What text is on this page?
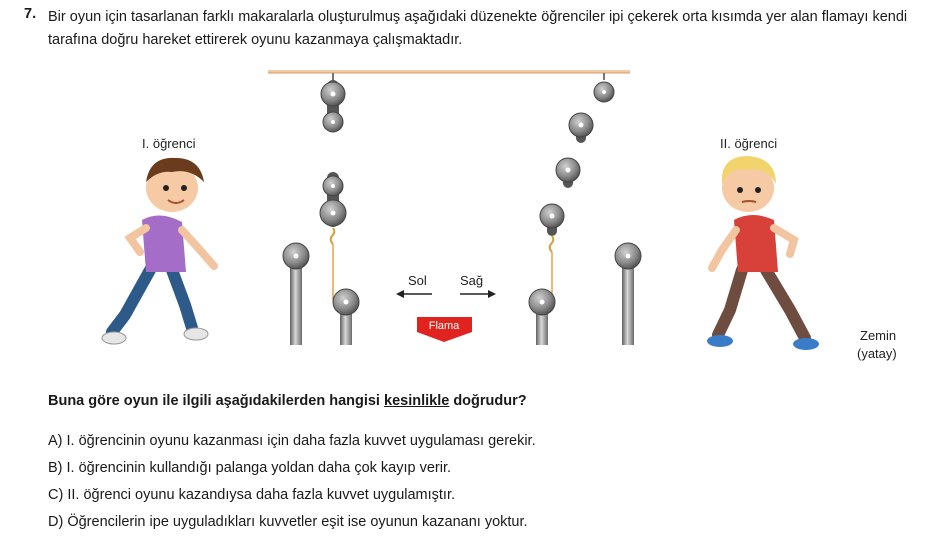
7. Bir oyun için tasarlanan farklı makaralarla oluşturulmuş aşağıdaki düzenekte öğrenciler ipi çekerek orta kısımda yer alan flamayı kendi tarafına doğru hareket ettirerek oyunu kazanmaya çalışmaktadır.
Sol	Sağ
Flama
I. öğrenci	II. öğrenci
Zemin
(yatay)
Buna göre oyun ile ilgili aşağıdakilerden hangisi kesinlikle doğrudur?
A) I. öğrencinin oyunu kazanması için daha fazla kuvvet uygulaması gerekir.
B) I. öğrencinin kullandığı palanga yoldan daha çok kayıp verir.
C) II. öğrenci oyunu kazandıysa daha fazla kuvvet uygulamıştır.
D) Öğrencilerin ipe uyguladıkları kuvvetler eşit ise oyunun kazananı yoktur.
